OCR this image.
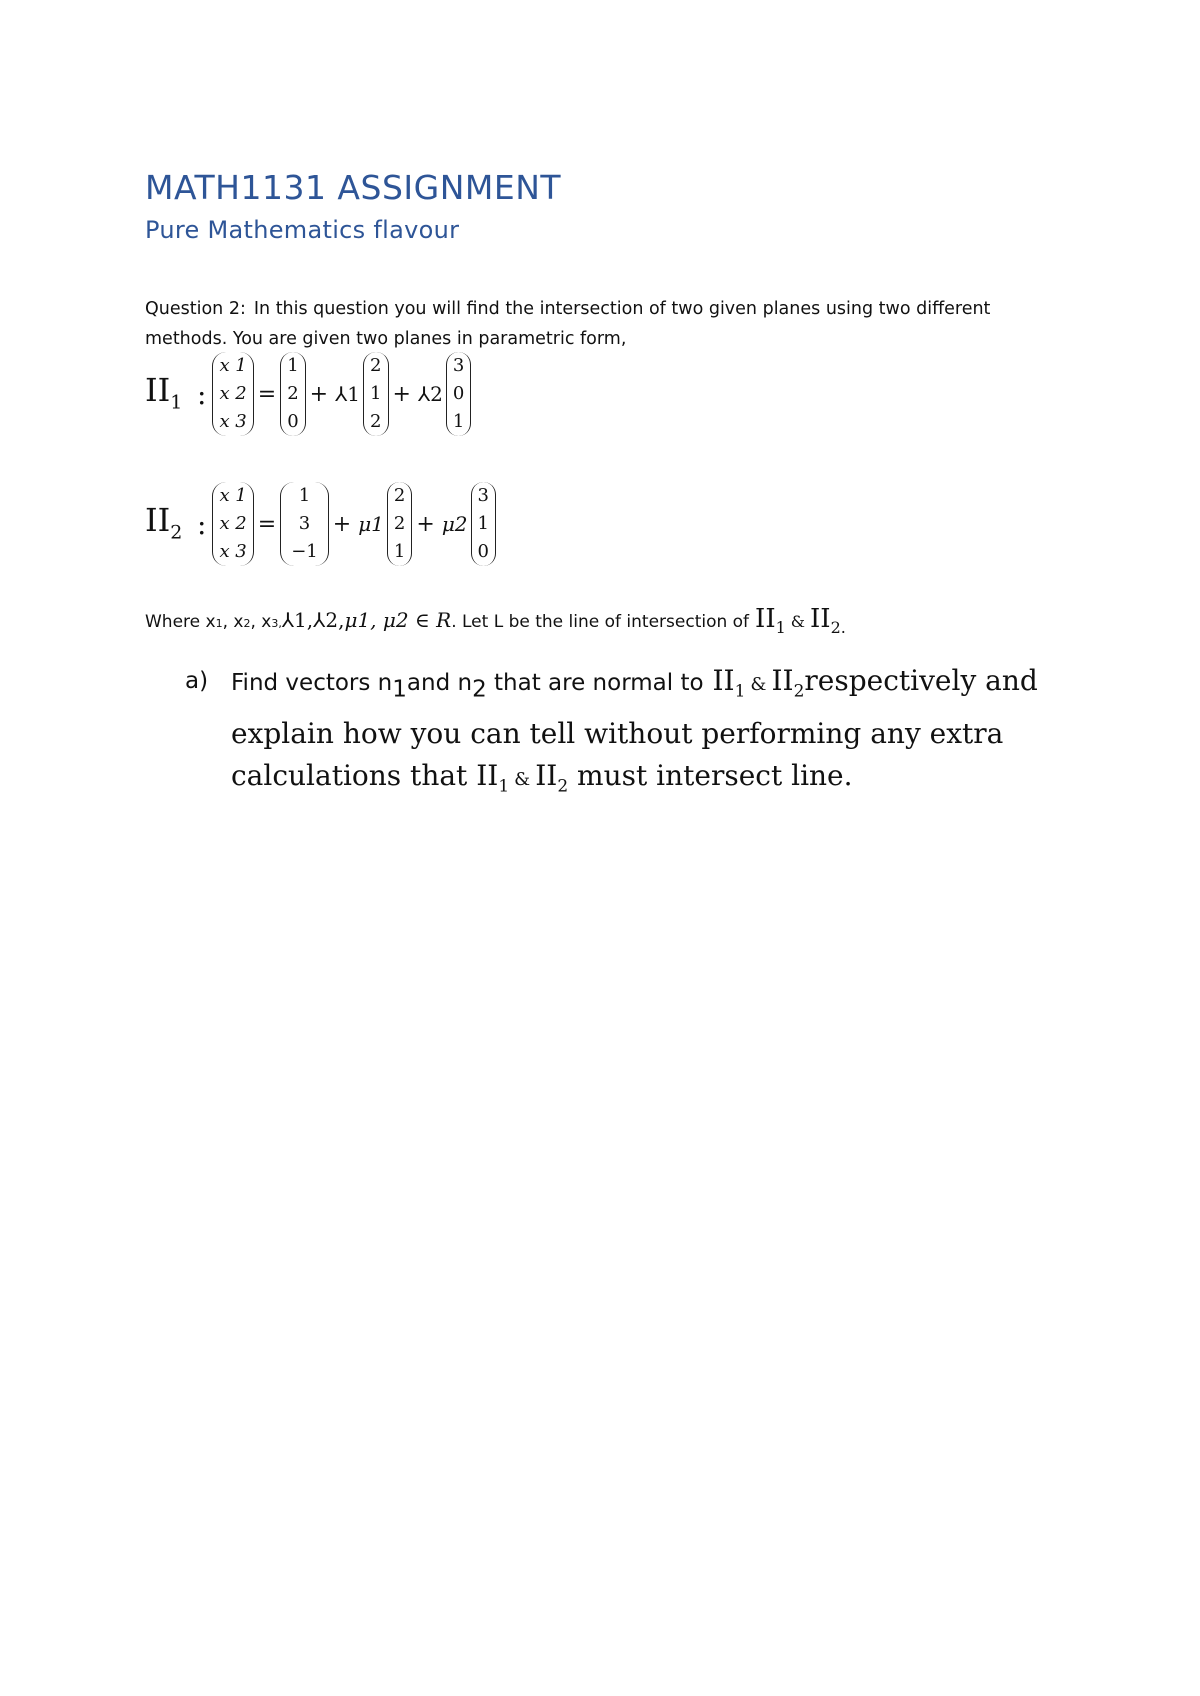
MATH1131 ASSIGNMENT
Pure Mathematics flavour
Question 2: In this question you will find the intersection of two given planes using two different methods. You are given two planes in parametric form,
$II_1$ :
x 1
x 2
x 3
=
1
2
0
+ ⅄1
2
1
2
+ ⅄2
3
0
1
$II_2$ :
x 1
x 2
x 3
=
1
3
−1
+ μ1
2
2
1
+ μ2
3
1
0
Where x 1 , x 2 , x 3, ⅄1,⅄2, μ1, μ2 ∈ R . Let L be the line of intersection of $II_1$ & $II_{2.}$
a) Find vectors $n_1and$ $n_2$ that are normal to $II_1$ & $II_2respectively$ and explain how you can tell without performing any extra calculations that $II_1$ & $II_2$ must intersect line.
